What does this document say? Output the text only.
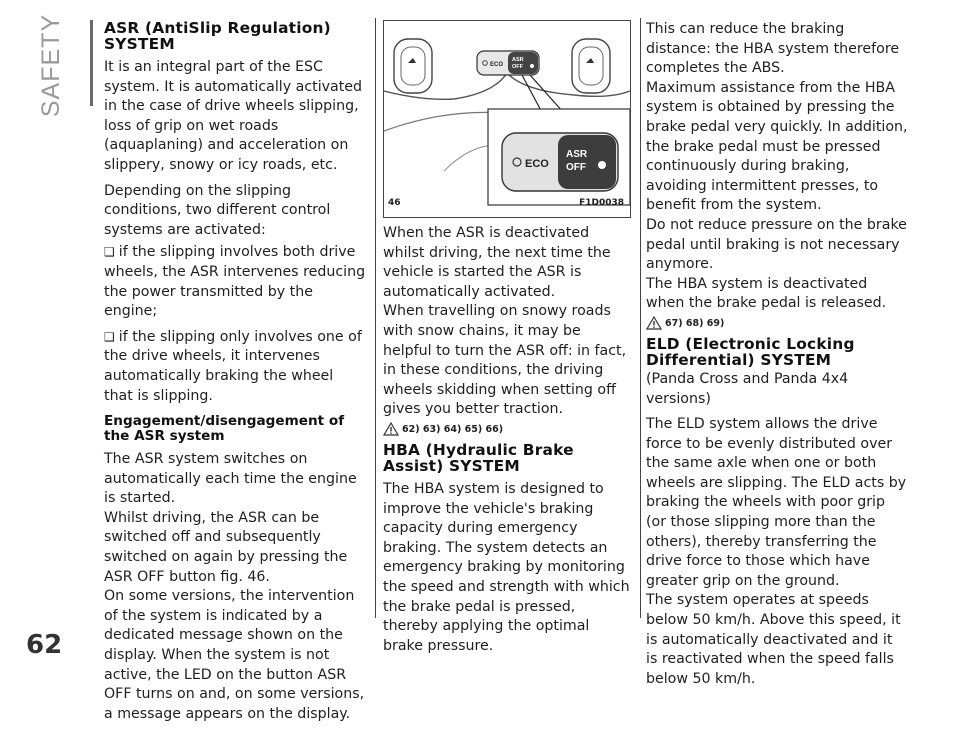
SAFETY
62
ASR (AntiSlip Regulation) SYSTEM

It is an integral part of the ESC system. It is automatically activated in the case of drive wheels slipping, loss of grip on wet roads (aquaplaning) and acceleration on slippery, snowy or icy roads, etc.

Depending on the slipping conditions, two different control systems are activated:

❑ if the slipping involves both drive wheels, the ASR intervenes reducing the power transmitted by the engine;

❑ if the slipping only involves one of the drive wheels, it intervenes automatically braking the wheel that is slipping.

Engagement/disengagement of the ASR system

The ASR system switches on automatically each time the engine is started.

Whilst driving, the ASR can be switched off and subsequently switched on again by pressing the ASR OFF button fig. 46.

On some versions, the intervention of the system is indicated by a dedicated message shown on the display. When the system is not active, the LED on the button ASR OFF turns on and, on some versions, a message appears on the display.

ECO
ASR
OFF
ECO
ASR
OFF
46	F1D0038

When the ASR is deactivated whilst driving, the next time the vehicle is started the ASR is automatically activated.

When travelling on snowy roads with snow chains, it may be helpful to turn the ASR off: in fact, in these conditions, the driving wheels skidding when setting off gives you better traction.

62) 63) 64) 65) 66)
HBA (Hydraulic Brake Assist) SYSTEM

The HBA system is designed to improve the vehicle's braking capacity during emergency braking. The system detects an emergency braking by monitoring the speed and strength with which the brake pedal is pressed, thereby applying the optimal brake pressure.

This can reduce the braking distance: the HBA system therefore completes the ABS.

Maximum assistance from the HBA system is obtained by pressing the brake pedal very quickly. In addition, the brake pedal must be pressed continuously during braking, avoiding intermittent presses, to benefit from the system.

Do not reduce pressure on the brake pedal until braking is not necessary anymore.

The HBA system is deactivated when the brake pedal is released.

67) 68) 69)
ELD (Electronic Locking Differential) SYSTEM

(Panda Cross and Panda 4x4 versions)

The ELD system allows the drive force to be evenly distributed over the same axle when one or both wheels are slipping. The ELD acts by braking the wheels with poor grip (or those slipping more than the others), thereby transferring the drive force to those which have greater grip on the ground.

The system operates at speeds below 50 km/h. Above this speed, it is automatically deactivated and it is reactivated when the speed falls below 50 km/h.
